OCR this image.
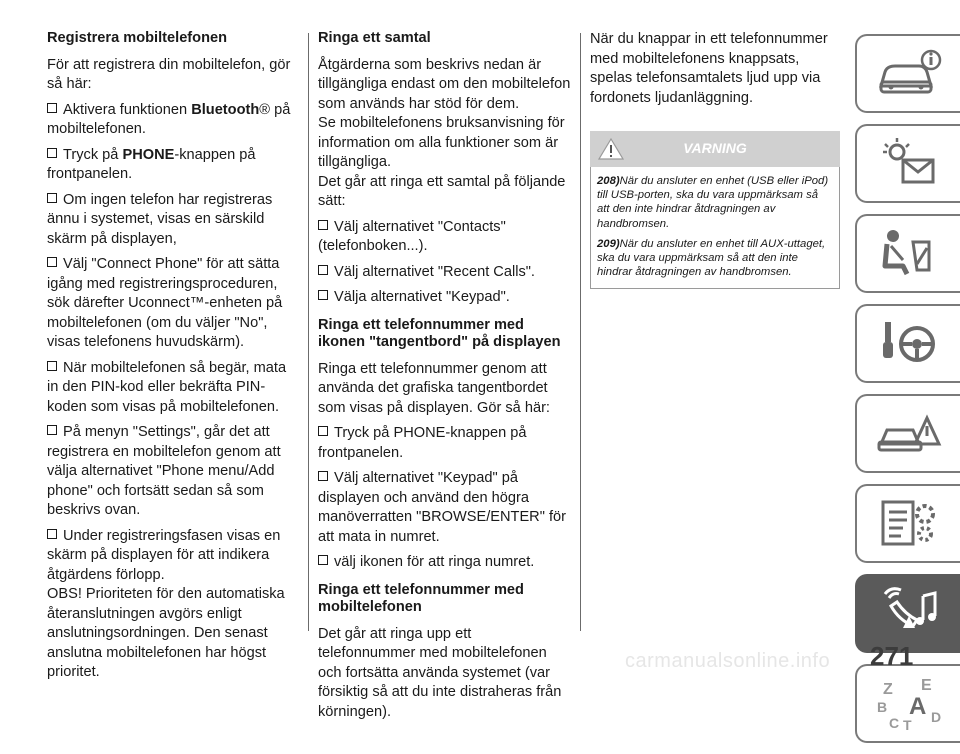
Registrera mobiltelefonen
För att registrera din mobiltelefon, gör så här:
Aktivera funktionen Bluetooth® på mobiltelefonen.
Tryck på PHONE-knappen på frontpanelen.
Om ingen telefon har registreras ännu i systemet, visas en särskild skärm på displayen,
Välj "Connect Phone" för att sätta igång med registreringsproceduren, sök därefter Uconnect™-enheten på mobiltelefonen (om du väljer "No", visas telefonens huvudskärm).
När mobiltelefonen så begär, mata in den PIN-kod eller bekräfta PIN-koden som visas på mobiltelefonen.
På menyn "Settings", går det att registrera en mobiltelefon genom att välja alternativet "Phone menu/Add phone" och fortsätt sedan så som beskrivs ovan.
Under registreringsfasen visas en skärm på displayen för att indikera åtgärdens förlopp.
OBS! Prioriteten för den automatiska återanslutningen avgörs enligt anslutningsordningen. Den senast anslutna mobiltelefonen har högst prioritet.
Ringa ett samtal
Åtgärderna som beskrivs nedan är tillgängliga endast om den mobiltelefon som används har stöd för dem.
Se mobiltelefonens bruksanvisning för information om alla funktioner som är tillgängliga.
Det går att ringa ett samtal på följande sätt:
Välj alternativet "Contacts" (telefonboken...).
Välj alternativet "Recent Calls".
Välja alternativet "Keypad".
Ringa ett telefonnummer med ikonen "tangentbord" på displayen
Ringa ett telefonnummer genom att använda det grafiska tangentbordet som visas på displayen. Gör så här:
Tryck på PHONE-knappen på frontpanelen.
Välj alternativet "Keypad" på displayen och använd den högra manöverratten "BROWSE/ENTER" för att mata in numret.
välj ikonen för att ringa numret.
Ringa ett telefonnummer med mobiltelefonen
Det går att ringa upp ett telefonnummer med mobiltelefonen och fortsätta använda systemet (var försiktig så att du inte distraheras från körningen).
När du knappar in ett telefonnummer med mobiltelefonens knappsats, spelas telefonsamtalets ljud upp via fordonets ljudanläggning.
VARNING
208)När du ansluter en enhet (USB eller iPod) till USB-porten, ska du vara uppmärksam så att den inte hindrar åtdragningen av handbromsen.
209)När du ansluter en enhet till AUX-uttaget, ska du vara uppmärksam så att den inte hindrar åtdragningen av handbromsen.
Z E
B A
C T D
carmanualsonline.info 271
